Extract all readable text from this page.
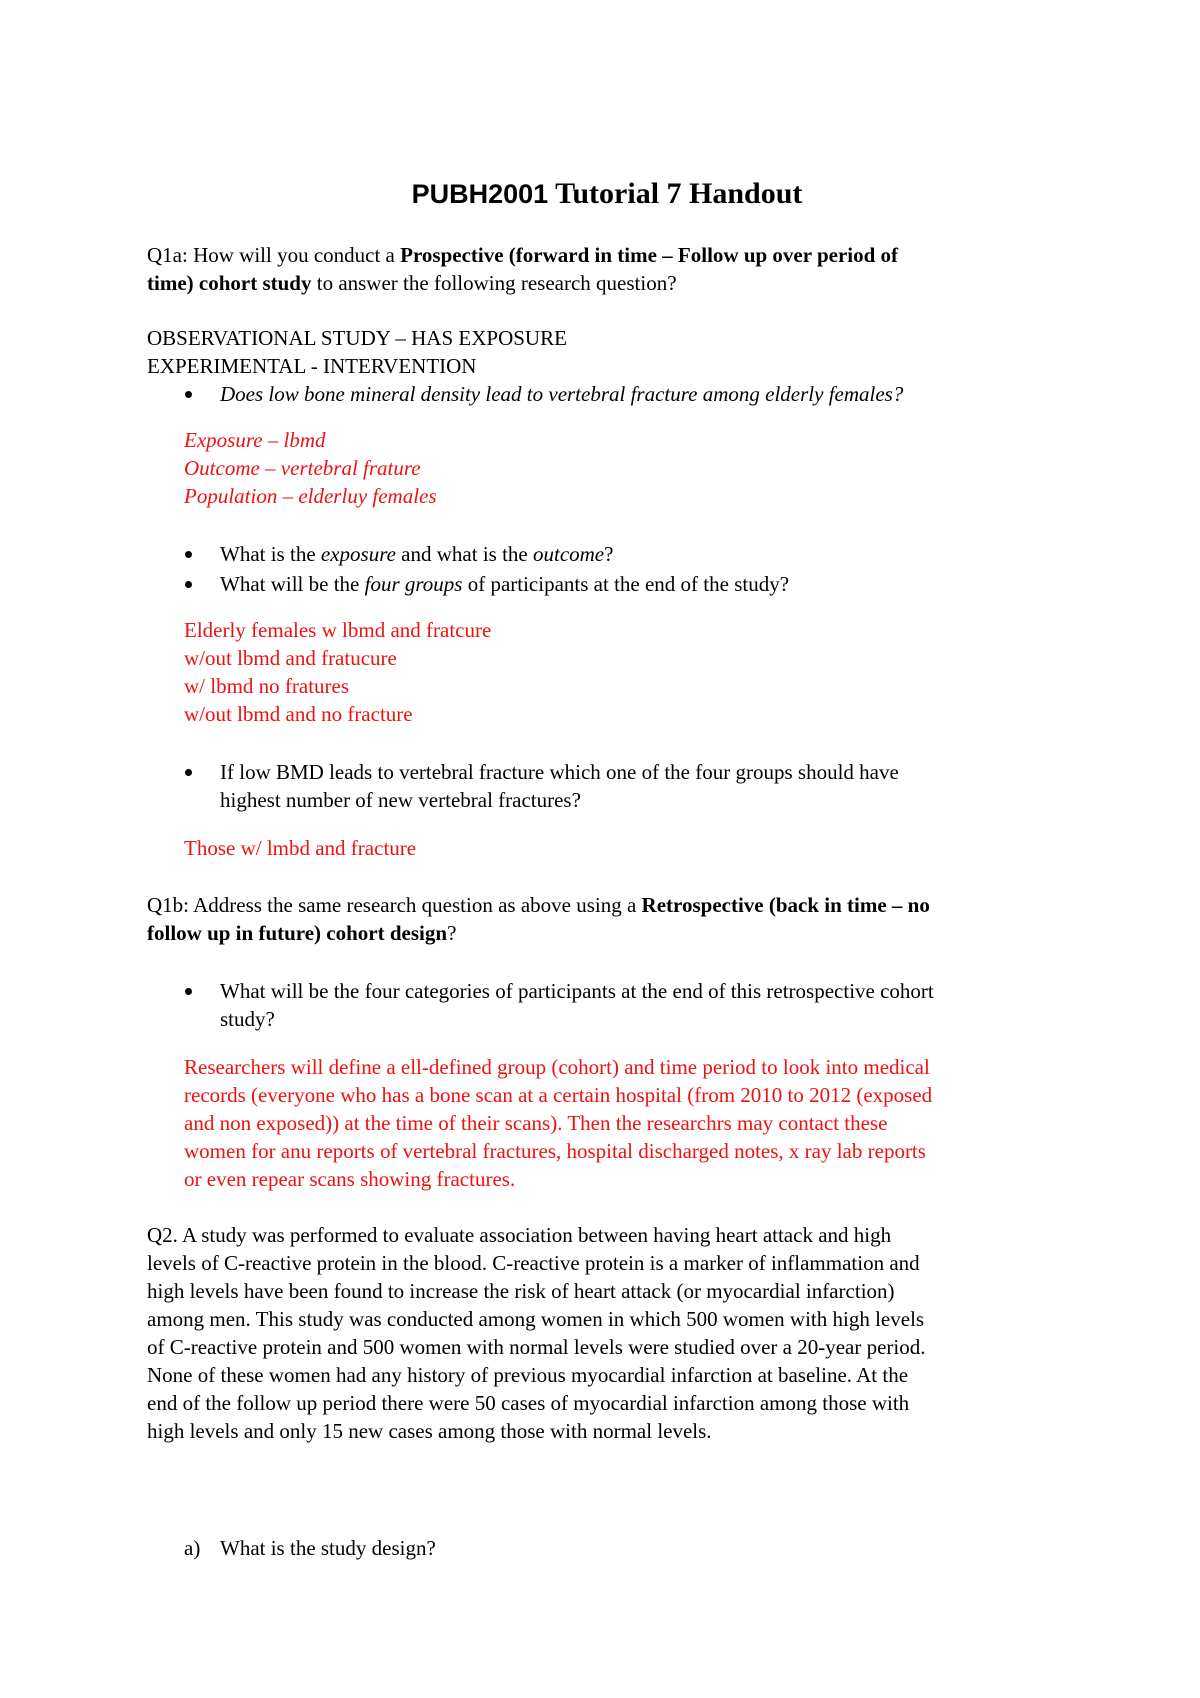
PUBH2001 Tutorial 7 Handout
Q1a: How will you conduct a Prospective (forward in time – Follow up over period of
time) cohort study to answer the following research question?
OBSERVATIONAL STUDY – HAS EXPOSURE
EXPERIMENTAL - INTERVENTION
Does low bone mineral density lead to vertebral fracture among elderly females?
Exposure – lbmd
Outcome – vertebral frature
Population – elderluy females
What is the exposure and what is the outcome?
What will be the four groups of participants at the end of the study?
Elderly females w lbmd and fratcure
w/out lbmd and fratucure
w/ lbmd no fratures
w/out lbmd and no fracture
If low BMD leads to vertebral fracture which one of the four groups should have
highest number of new vertebral fractures?
Those w/ lmbd and fracture
Q1b: Address the same research question as above using a Retrospective (back in time – no
follow up in future) cohort design?
What will be the four categories of participants at the end of this retrospective cohort
study?
Researchers will define a ell-defined group (cohort) and time period to look into medical
records (everyone who has a bone scan at a certain hospital (from 2010 to 2012 (exposed
and non exposed)) at the time of their scans). Then the researchrs may contact these
women for anu reports of vertebral fractures, hospital discharged notes, x ray lab reports
or even repear scans showing fractures.
Q2. A study was performed to evaluate association between having heart attack and high
levels of C-reactive protein in the blood. C-reactive protein is a marker of inflammation and
high levels have been found to increase the risk of heart attack (or myocardial infarction)
among men. This study was conducted among women in which 500 women with high levels
of C-reactive protein and 500 women with normal levels were studied over a 20-year period.
None of these women had any history of previous myocardial infarction at baseline. At the
end of the follow up period there were 50 cases of myocardial infarction among those with
high levels and only 15 new cases among those with normal levels.
a) What is the study design?
